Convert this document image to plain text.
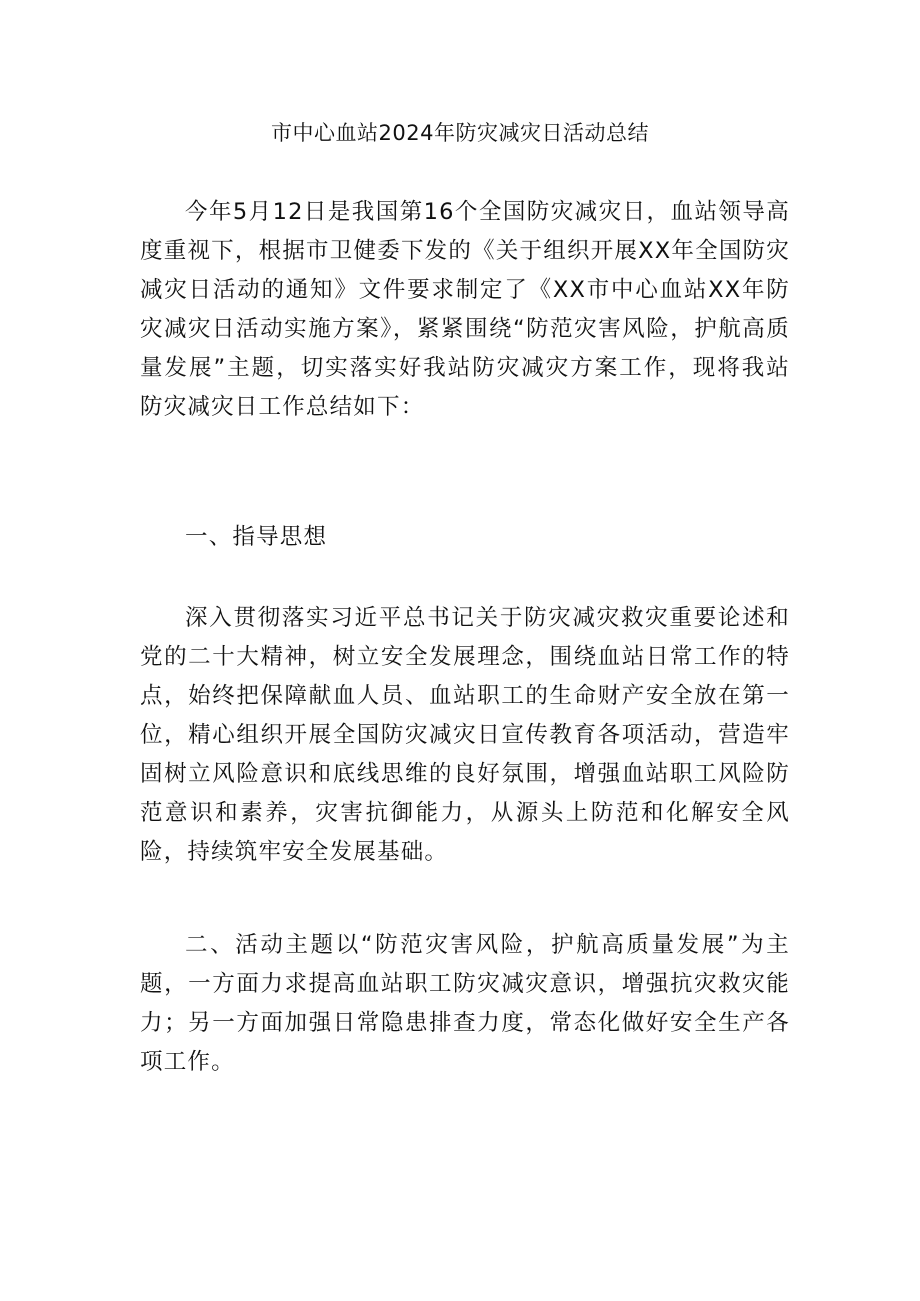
市中心血站2024年防灾减灾日活动总结

今年5月12日是我国第16个全国防灾减灾日，血站领导高度重视下，根据市卫健委下发的《关于组织开展XX年全国防灾减灾日活动的通知》文件要求制定了《XX市中心血站XX年防灾减灾日活动实施方案》，紧紧围绕“防范灾害风险，护航高质量发展”主题，切实落实好我站防灾减灾方案工作，现将我站防灾减灾日工作总结如下：

一、指导思想

深入贯彻落实习近平总书记关于防灾减灾救灾重要论述和党的二十大精神，树立安全发展理念，围绕血站日常工作的特点，始终把保障献血人员、血站职工的生命财产安全放在第一位，精心组织开展全国防灾减灾日宣传教育各项活动，营造牢固树立风险意识和底线思维的良好氛围，增强血站职工风险防范意识和素养，灾害抗御能力，从源头上防范和化解安全风险，持续筑牢安全发展基础。

二、活动主题以“防范灾害风险，护航高质量发展”为主题，一方面力求提高血站职工防灾减灾意识，增强抗灾救灾能力；另一方面加强日常隐患排查力度，常态化做好安全生产各项工作。
